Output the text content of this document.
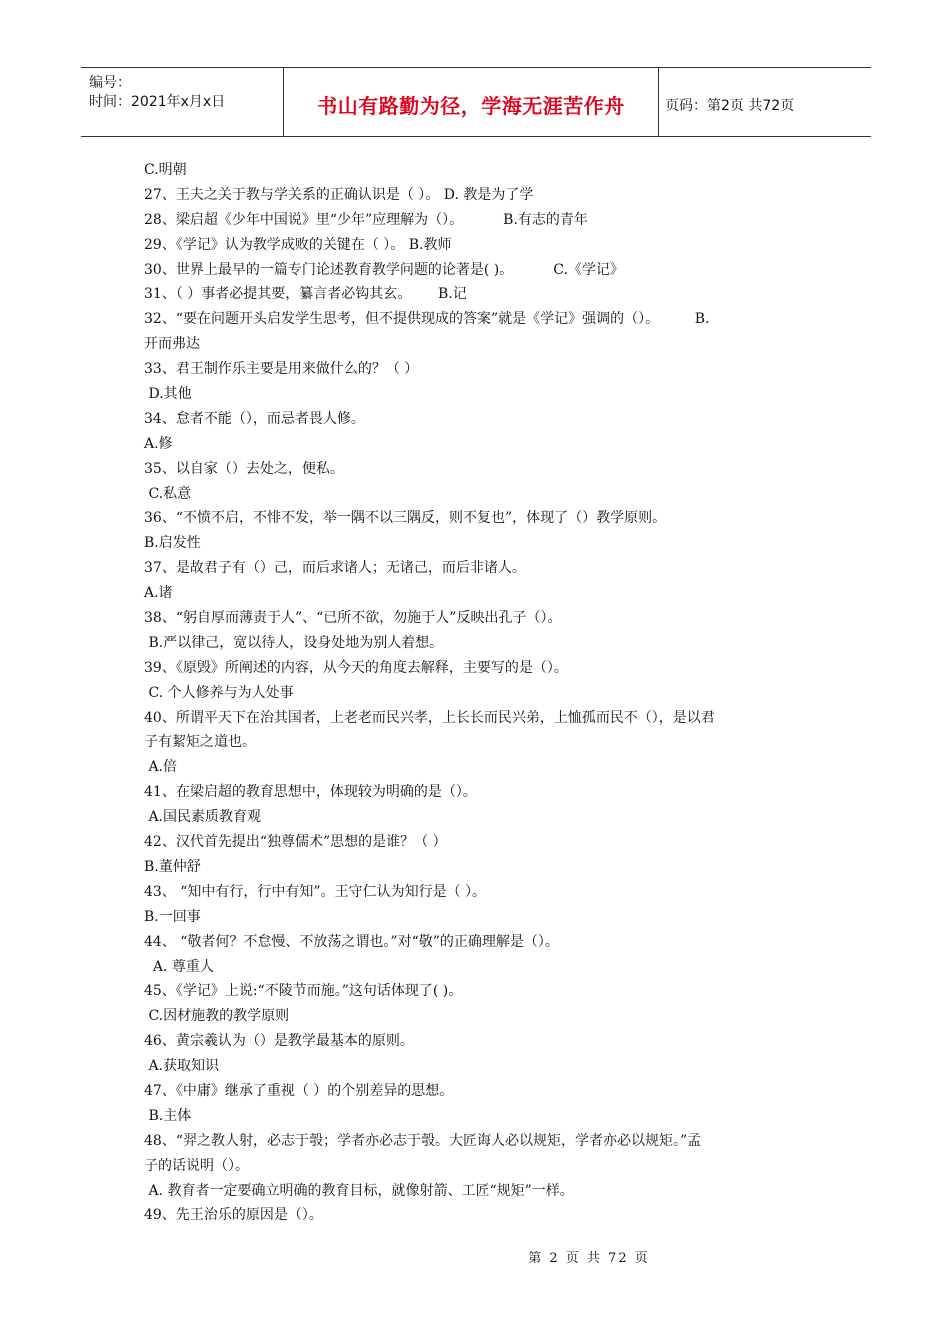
编号：
时间：2021年x月x日	书山有路勤为径，学海无涯苦作舟	页码：第2页 共72页
C.明朝
27、王夫之关于教与学关系的正确认识是（ ）。 D. 教是为了学
28、梁启超《少年中国说》里“少年”应理解为（）。         B.有志的青年
29、《学记》认为教学成败的关键在（ ）。 B.教师
30、世界上最早的一篇专门论述教育教学问题的论著是( )。         C.《学记》
31、（ ）事者必提其要，纂言者必钩其玄。      B.记
32、“要在问题开头启发学生思考，但不提供现成的答案”就是《学记》强调的（）。        B.
开而弗达
33、君王制作乐主要是用来做什么的？（ ）
D.其他
34、怠者不能（），而忌者畏人修。
A.修
35、以自家（）去处之，便私。
C.私意
36、“不愤不启，不悱不发，举一隅不以三隅反，则不复也”，体现了（）教学原则。
B.启发性
37、是故君子有（）己，而后求诸人；无诸己，而后非诸人。
A.诸
38、“躬自厚而薄责于人”、“已所不欲，勿施于人”反映出孔子（）。
B.严以律己，宽以待人，设身处地为别人着想。
39、《原毁》所阐述的内容，从今天的角度去解释，主要写的是（）。
C. 个人修养与为人处事
40、所谓平天下在治其国者，上老老而民兴孝，上长长而民兴弟，上恤孤而民不（），是以君
子有絜矩之道也。
A.倍
41、在梁启超的教育思想中，体现较为明确的是（）。
A.国民素质教育观
42、汉代首先提出“独尊儒术”思想的是谁？（ ）
B.董仲舒
43、 “知中有行，行中有知”。王守仁认为知行是（ ）。
B.一回事
44、 “敬者何？不怠慢、不放荡之谓也。”对“敬”的正确理解是（）。
A. 尊重人
45、《学记》上说:“不陵节而施。”这句话体现了( )。
C.因材施教的教学原则
46、黄宗羲认为（）是教学最基本的原则。
A.获取知识
47、《中庸》继承了重视（ ）的个别差异的思想。
B.主体
48、“羿之教人射，必志于彀；学者亦必志于彀。大匠诲人必以规矩，学者亦必以规矩。”孟
子的话说明（）。
A. 教育者一定要确立明确的教育目标，就像射箭、工匠“规矩”一样。
49、先王治乐的原因是（）。
第 2 页 共 72 页
